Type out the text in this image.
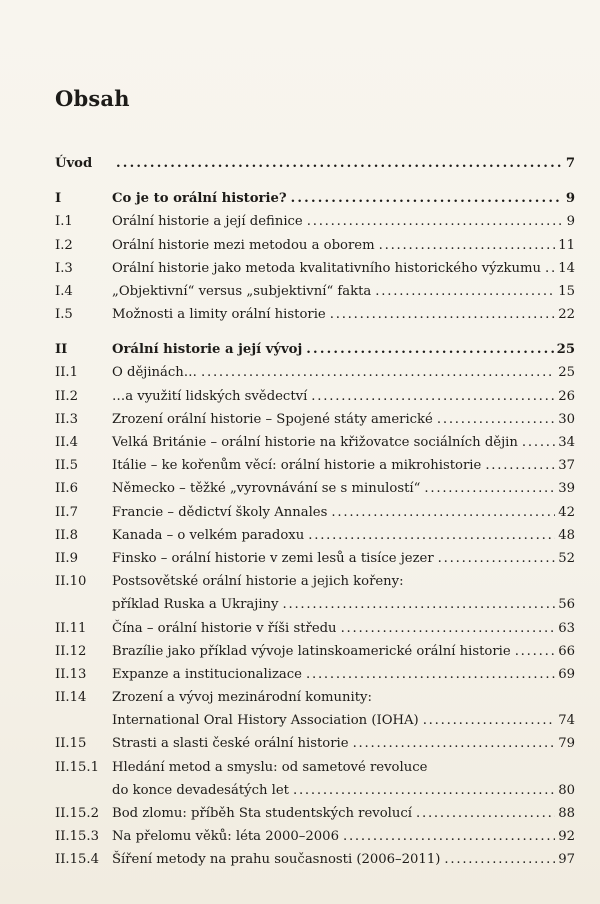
Obsah
Úvod . . .	7
I	Co je to orální historie? . . .	9
I.1	Orální historie a její definice . . .	9
I.2	Orální historie mezi metodou a oborem . . .	11
I.3	Orální historie jako metoda kvalitativního historického výzkumu . . . 14
I.4	„Objektivní“ versus „subjektivní“ fakta . . .	15
I.5	Možnosti a limity orální historie . . .	22
II	Orální historie a její vývoj . . .	25
II.1	O dějinách… . . .	25
II.2	…a využití lidských svědectví . . .	26
II.3	Zrození orální historie – Spojené státy americké . . .	30
II.4	Velká Británie – orální historie na křižovatce sociálních dějin . . .	34
II.5	Itálie – ke kořenům věcí: orální historie a mikrohistorie . . .	37
II.6	Německo – těžké „vyrovnávání se s minulostí“ . . .	39
II.7	Francie – dědictví školy Annales . . .	42
II.8	Kanada – o velkém paradoxu . . .	48
II.9	Finsko – orální historie v zemi lesů a tisíce jezer . . .	52
II.10	Postsovětské orální historie a jejich kořeny:
příklad Ruska a Ukrajiny . . .	56
II.11	Čína – orální historie v říši středu . . .	63
II.12	Brazílie jako příklad vývoje latinskoamerické orální historie . . .	66
II.13	Expanze a institucionalizace . . .	69
II.14	Zrození a vývoj mezinárodní komunity:
International Oral History Association (IOHA) . . .	74
II.15	Strasti a slasti české orální historie . . .	79
II.15.1 Hledání metod a smyslu: od sametové revoluce
do konce devadesátých let . . .	80
II.15.2 Bod zlomu: příběh Sta studentských revolucí . . .	88
II.15.3 Na přelomu věků: léta 2000–2006 . . .	92
II.15.4 Šíření metody na prahu současnosti (2006–2011) . . .	97
